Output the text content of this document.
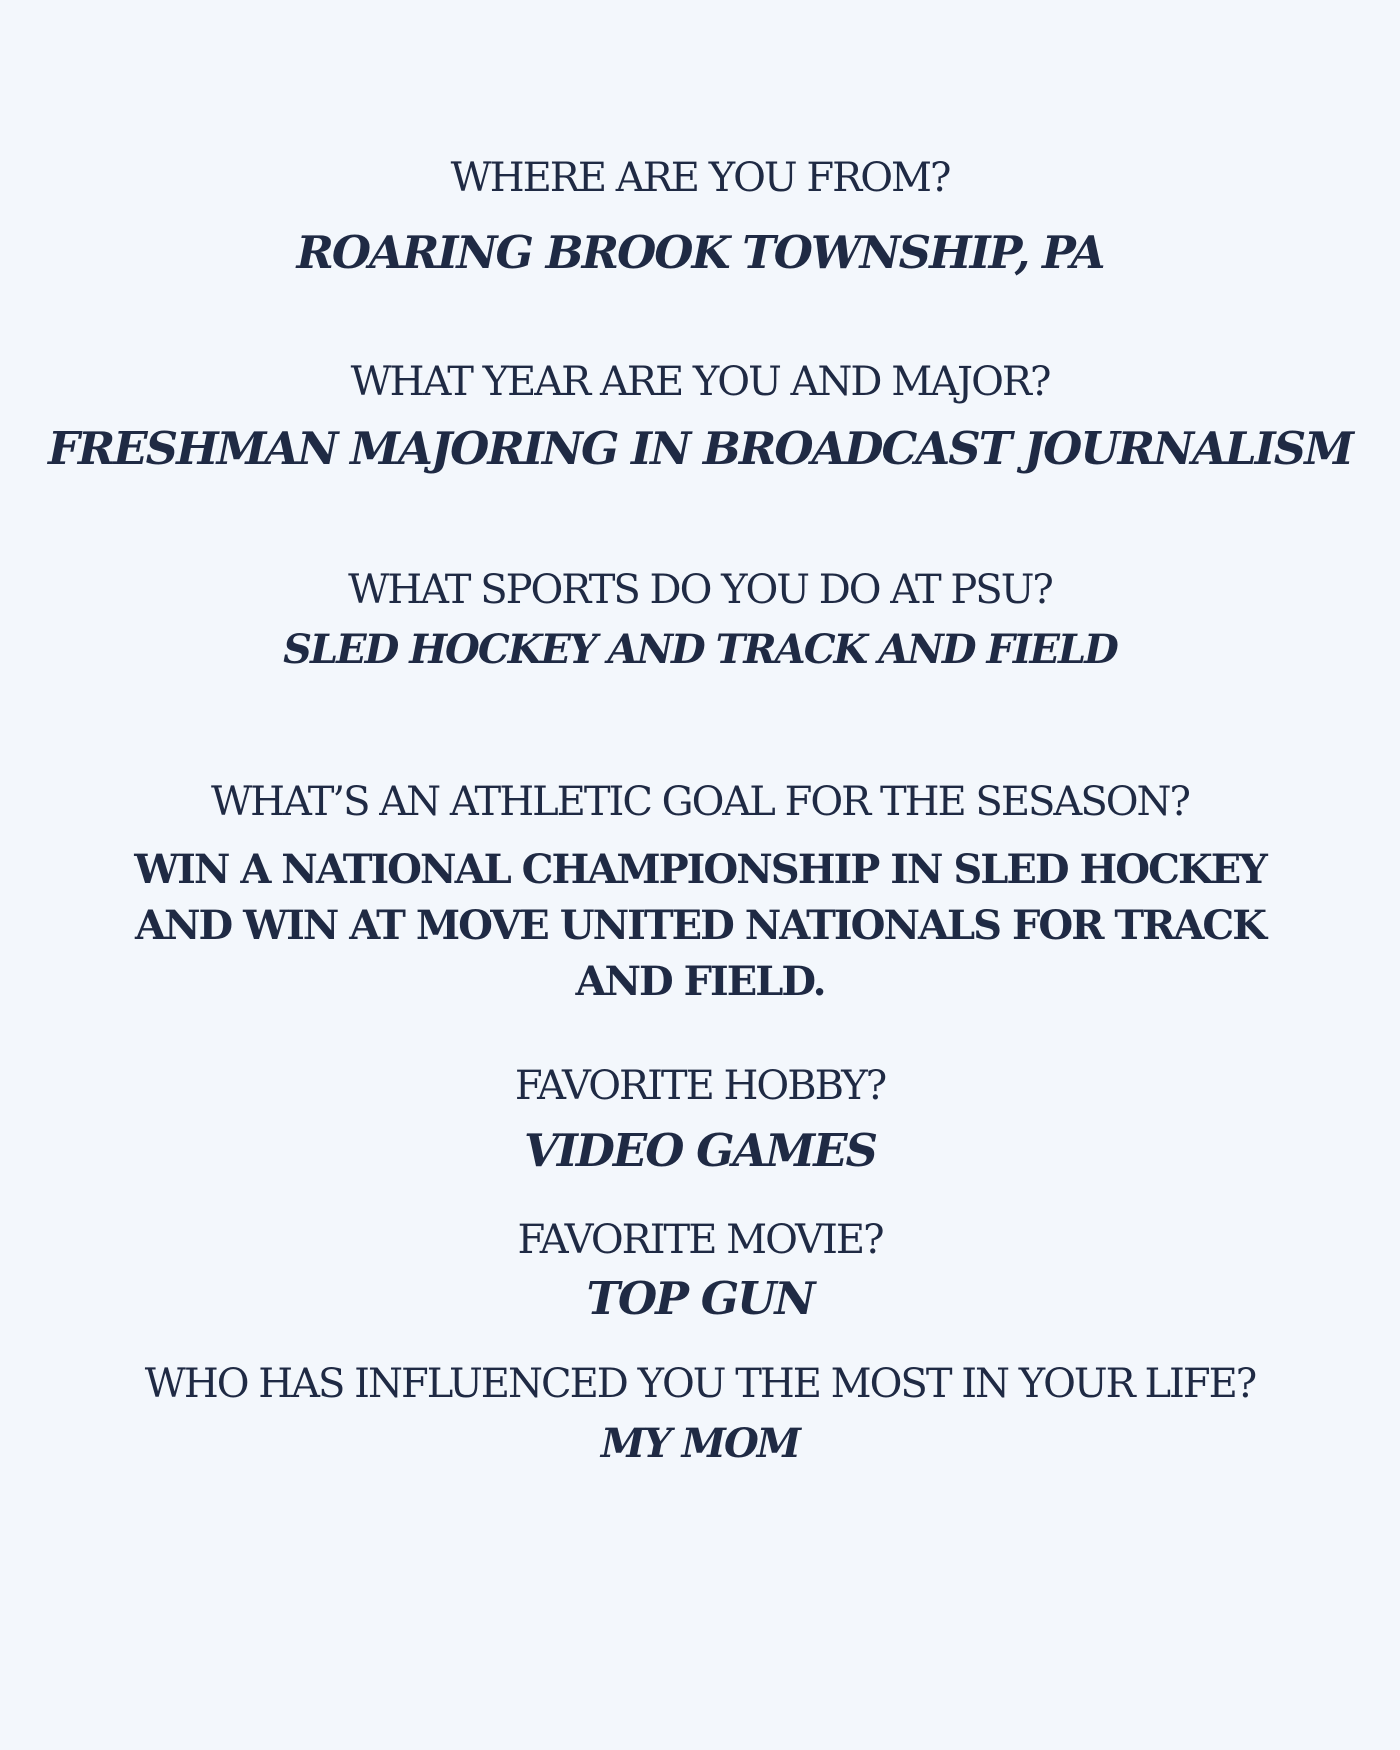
WHERE ARE YOU FROM?

ROARING BROOK TOWNSHIP, PA

WHAT YEAR ARE YOU AND MAJOR?

FRESHMAN MAJORING IN BROADCAST JOURNALISM

WHAT SPORTS DO YOU DO AT PSU?

SLED HOCKEY AND TRACK AND FIELD

WHAT’S AN ATHLETIC GOAL FOR THE SESASON?

WIN A NATIONAL CHAMPIONSHIP IN SLED HOCKEY

AND WIN AT MOVE UNITED NATIONALS FOR TRACK

AND FIELD.

FAVORITE HOBBY?

VIDEO GAMES

FAVORITE MOVIE?

TOP GUN

WHO HAS INFLUENCED YOU THE MOST IN YOUR LIFE?

MY MOM
